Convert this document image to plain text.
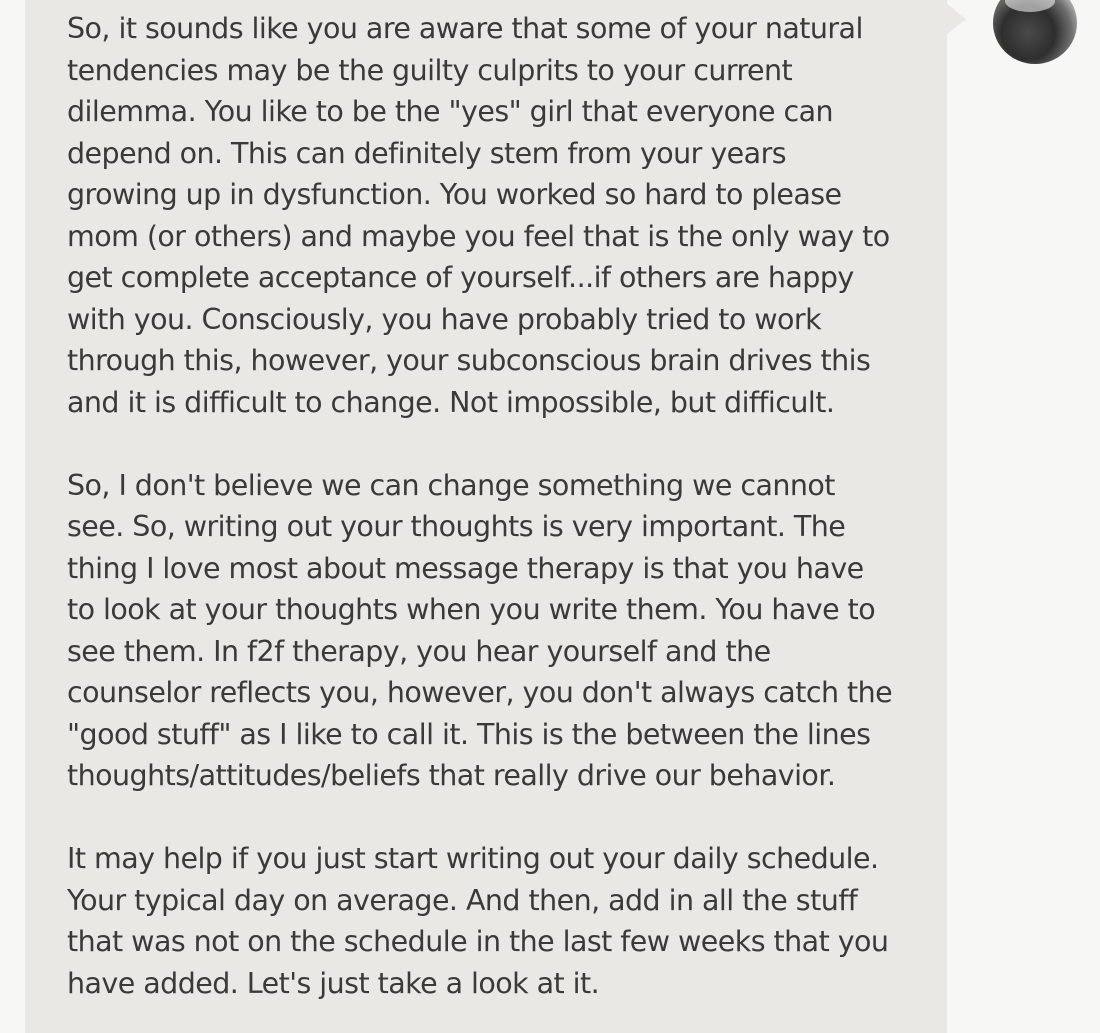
So, it sounds like you are aware that some of your natural
tendencies may be the guilty culprits to your current
dilemma. You like to be the "yes" girl that everyone can
depend on. This can definitely stem from your years
growing up in dysfunction. You worked so hard to please
mom (or others) and maybe you feel that is the only way to
get complete acceptance of yourself...if others are happy
with you. Consciously, you have probably tried to work
through this, however, your subconscious brain drives this
and it is difficult to change. Not impossible, but difficult.

So, I don't believe we can change something we cannot
see. So, writing out your thoughts is very important. The
thing I love most about message therapy is that you have
to look at your thoughts when you write them. You have to
see them. In f2f therapy, you hear yourself and the
counselor reflects you, however, you don't always catch the
"good stuff" as I like to call it. This is the between the lines
thoughts/attitudes/beliefs that really drive our behavior.

It may help if you just start writing out your daily schedule.
Your typical day on average. And then, add in all the stuff
that was not on the schedule in the last few weeks that you
have added. Let's just take a look at it.
